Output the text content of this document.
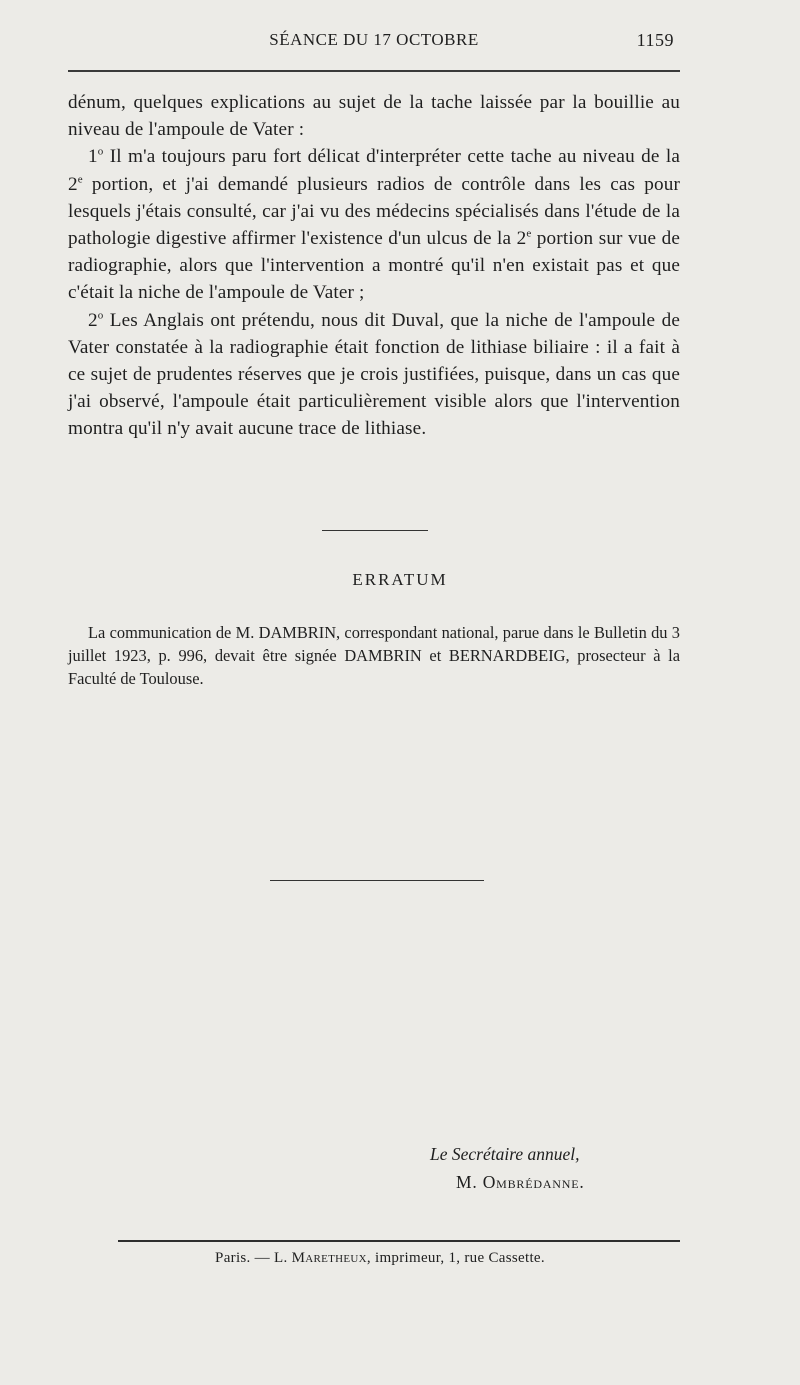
SÉANCE DU 17 OCTOBRE	1159

dénum, quelques explications au sujet de la tache laissée par la bouillie au niveau de l'ampoule de Vater :

1$^o$ Il m'a toujours paru fort délicat d'interpréter cette tache au niveau de la 2e portion, et j'ai demandé plusieurs radios de contrôle dans les cas pour lesquels j'étais consulté, car j'ai vu des médecins spécialisés dans l'étude de la pathologie digestive affirmer l'existence d'un ulcus de la 2e portion sur vue de radiographie, alors que l'intervention a montré qu'il n'en existait pas et que c'était la niche de l'ampoule de Vater ;

2$^o$ Les Anglais ont prétendu, nous dit Duval, que la niche de l'ampoule de Vater constatée à la radiographie était fonction de lithiase biliaire : il a fait à ce sujet de prudentes réserves que je crois justifiées, puisque, dans un cas que j'ai observé, l'ampoule était particulièrement visible alors que l'intervention montra qu'il n'y avait aucune trace de lithiase.

ERRATUM

La communication de M. DAMBRIN, correspondant national, parue dans le Bulletin du 3 juillet 1923, p. 996, devait être signée DAMBRIN et BERNARDBEIG, prosecteur à la Faculté de Toulouse.

Le Secrétaire annuel,
M. Ombrédanne.
Paris. — L. Maretheux, imprimeur, 1, rue Cassette.
